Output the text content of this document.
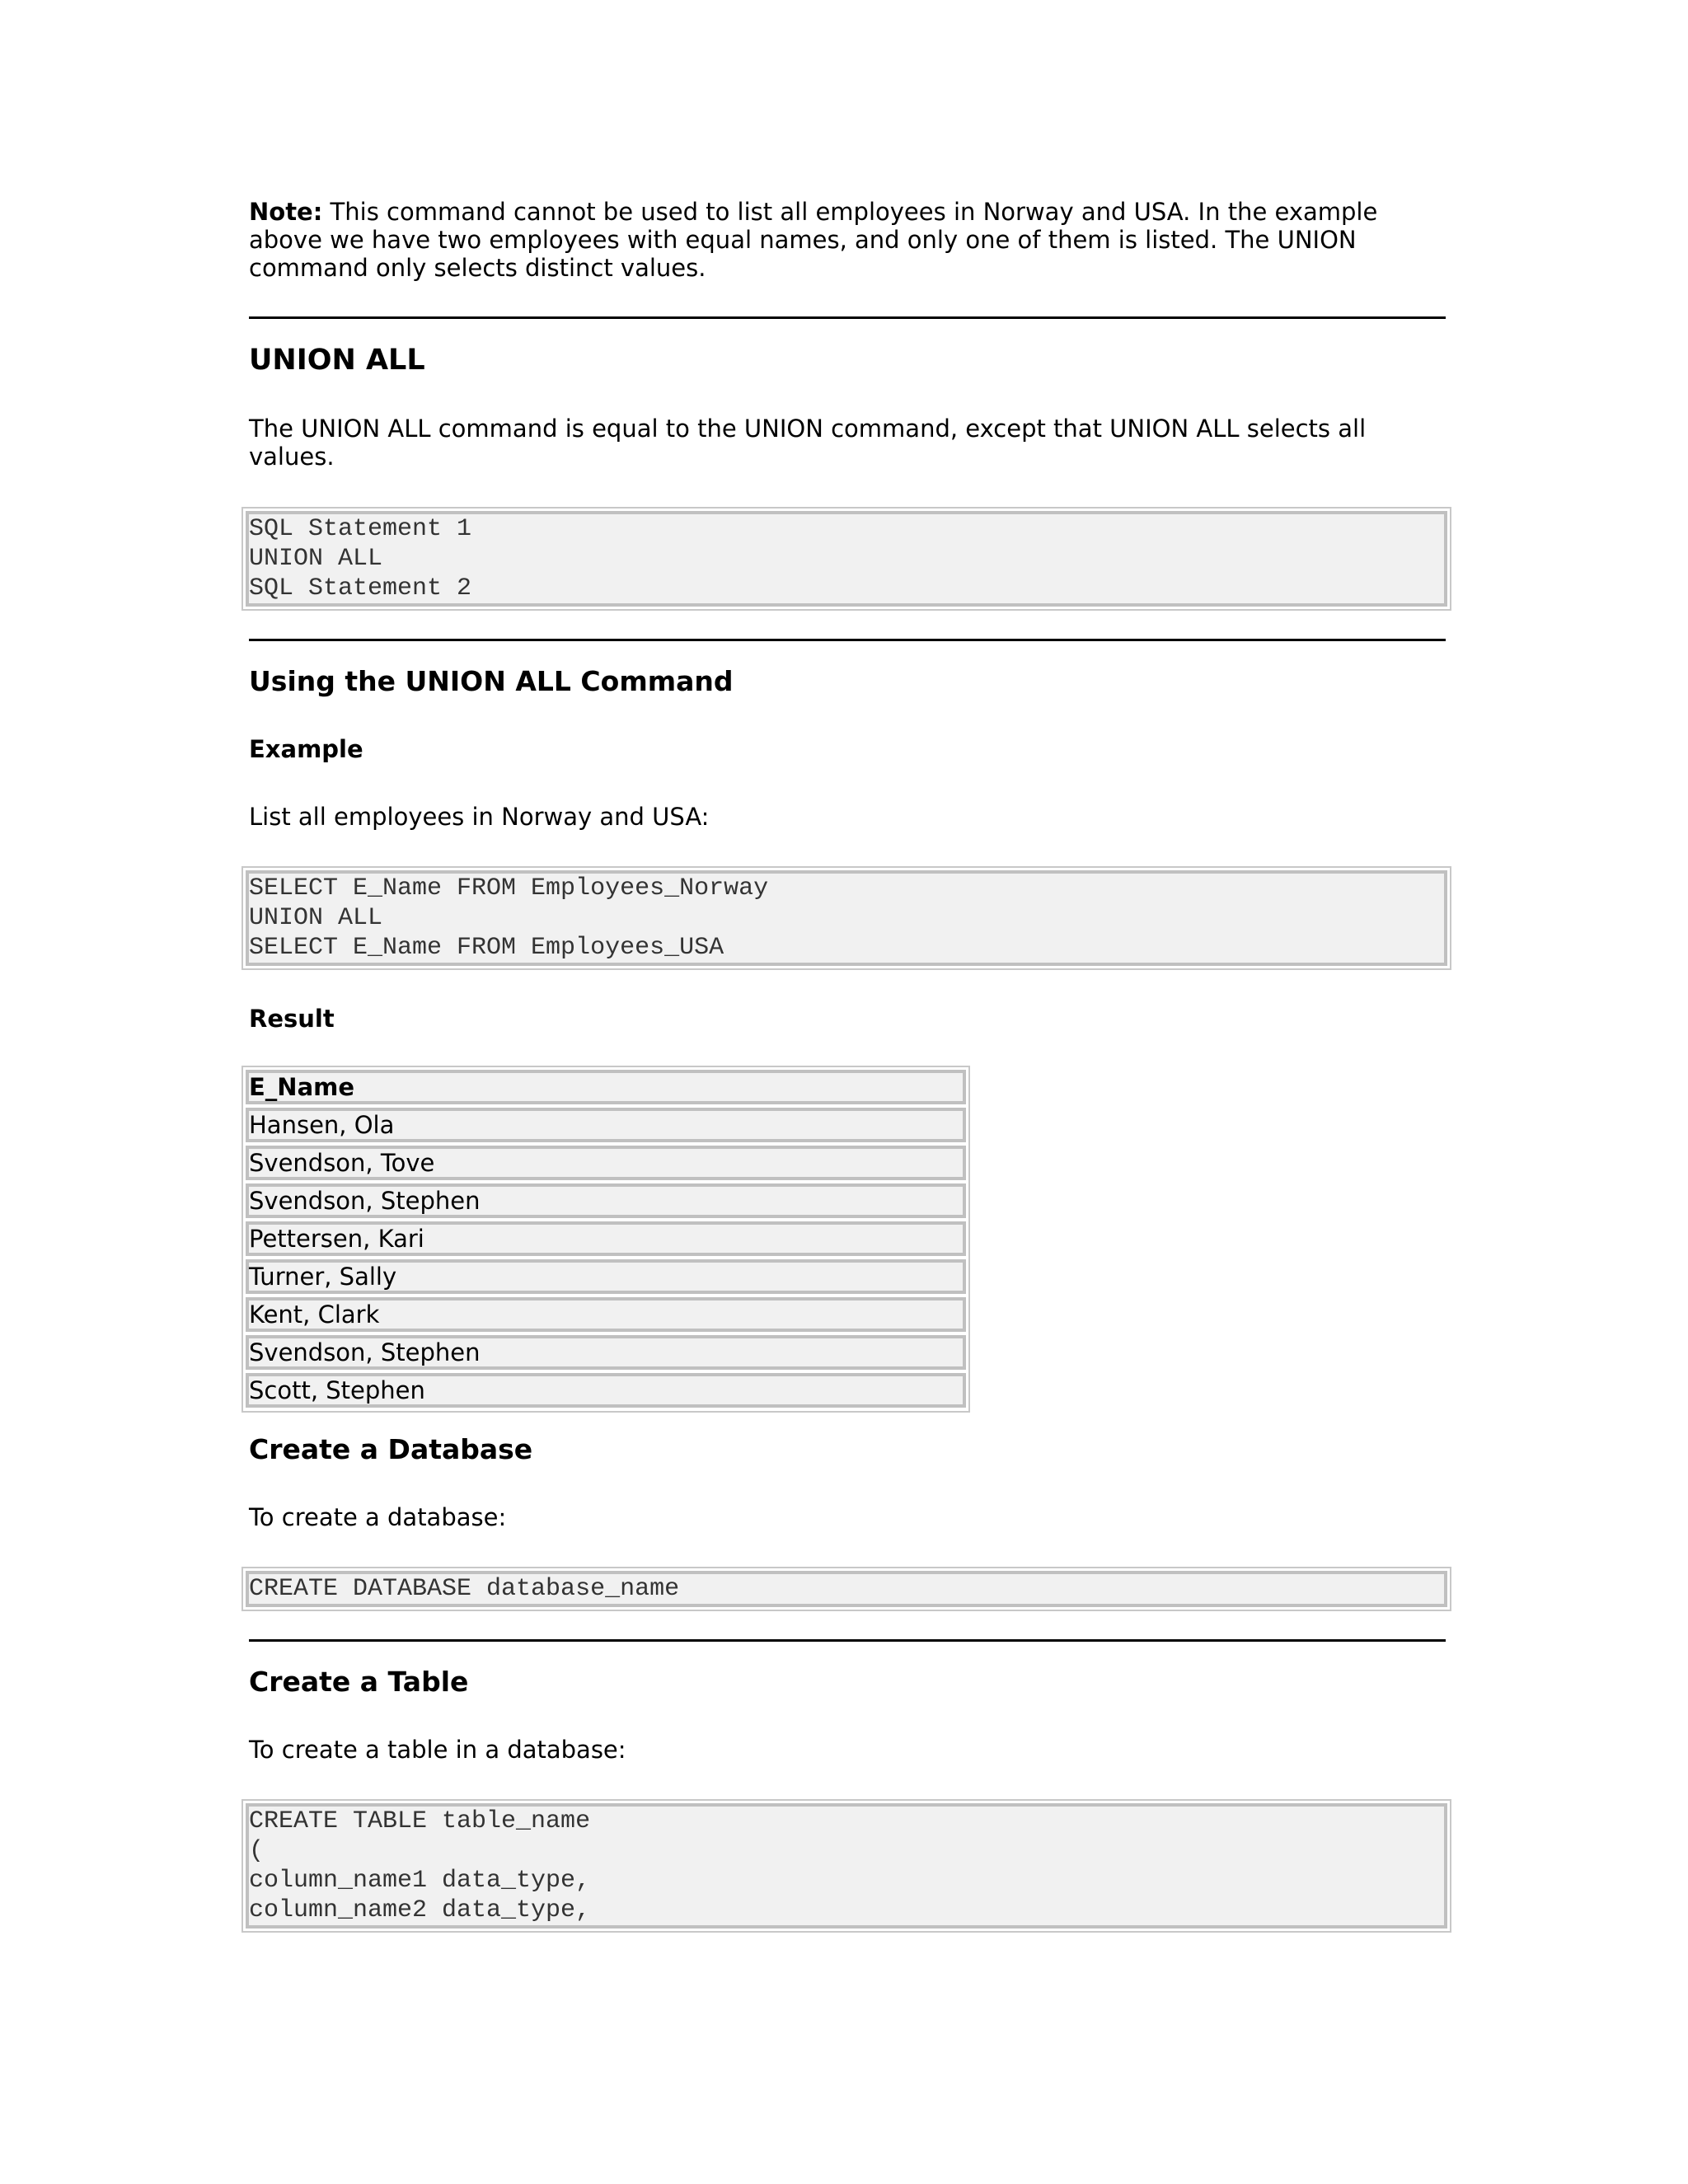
Note: This command cannot be used to list all employees in Norway and USA. In the example
above we have two employees with equal names, and only one of them is listed. The UNION
command only selects distinct values.

UNION ALL

The UNION ALL command is equal to the UNION command, except that UNION ALL selects all
values.

SQL Statement 1
UNION ALL
SQL Statement 2
Using the UNION ALL Command
Example

List all employees in Norway and USA:

SELECT E_Name FROM Employees_Norway
UNION ALL
SELECT E_Name FROM Employees_USA
Result
E_Name
Hansen, Ola
Svendson, Tove
Svendson, Stephen
Pettersen, Kari
Turner, Sally
Kent, Clark
Svendson, Stephen
Scott, Stephen
Create a Database

To create a database:

CREATE DATABASE database_name
Create a Table

To create a table in a database:

CREATE TABLE table_name
(
column_name1 data_type,
column_name2 data_type,
